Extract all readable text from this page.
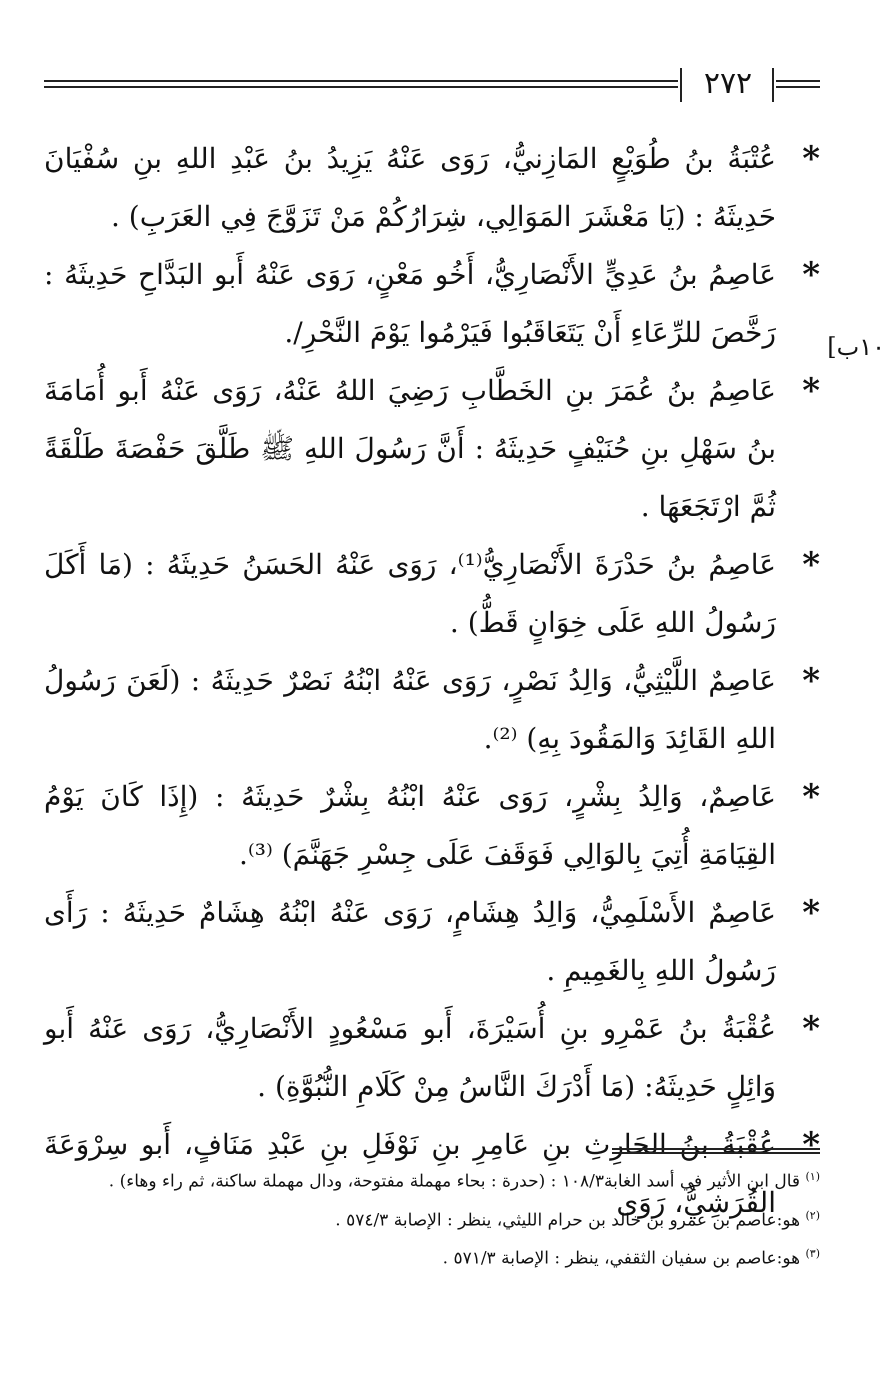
٢٧٢
١٠ب]

*
عُتْبَةُ بنُ طُوَيْعٍ المَازِنيُّ، رَوَى عَنْهُ يَزِيدُ بنُ عَبْدِ اللهِ بنِ سُفْيَانَ حَدِيثَهُ : (يَا مَعْشَرَ المَوَالِي، شِرَارُكُمْ مَنْ تَزَوَّجَ فِي العَرَبِ) .

*
عَاصِمُ بنُ عَدِيٍّ الأَنْصَارِيُّ، أَخُو مَعْنٍ، رَوَى عَنْهُ أَبو البَدَّاحِ حَدِيثَهُ : رَخَّصَ للرِّعَاءِ أَنْ يَتَعَاقَبُوا فَيَرْمُوا يَوْمَ النَّحْرِ/.

*
عَاصِمُ بنُ عُمَرَ بنِ الخَطَّابِ رَضِيَ اللهُ عَنْهُ، رَوَى عَنْهُ أَبو أُمَامَةَ بنُ سَهْلِ بنِ حُنَيْفٍ حَدِيثَهُ : أَنَّ رَسُولَ اللهِ ﷺ طَلَّقَ حَفْصَةَ طَلْقَةً ثُمَّ ارْتَجَعَهَا .

*
عَاصِمُ بنُ حَدْرَةَ الأَنْصَارِيُّ⁽¹⁾، رَوَى عَنْهُ الحَسَنُ حَدِيثَهُ : (مَا أَكَلَ رَسُولُ اللهِ عَلَى خِوَانٍ قَطُّ) .

*
عَاصِمٌ اللَّيْثِيُّ، وَالِدُ نَصْرٍ، رَوَى عَنْهُ ابْنُهُ نَصْرٌ حَدِيثَهُ : (لَعَنَ رَسُولُ اللهِ القَائِدَ وَالمَقُودَ بِهِ) ⁽²⁾.

*
عَاصِمٌ، وَالِدُ بِشْرٍ، رَوَى عَنْهُ ابْنُهُ بِشْرٌ حَدِيثَهُ : (إِذَا كَانَ يَوْمُ القِيَامَةِ أُتِيَ بِالوَالِي فَوَقَفَ عَلَى جِسْرِ جَهَنَّمَ) ⁽³⁾.

*
عَاصِمٌ الأَسْلَمِيُّ، وَالِدُ هِشَامٍ، رَوَى عَنْهُ ابْنُهُ هِشَامٌ حَدِيثَهُ : رَأَى رَسُولُ اللهِ بِالغَمِيمِ .

*
عُقْبَةُ بنُ عَمْرِو بنِ أُسَيْرَةَ، أَبو مَسْعُودٍ الأَنْصَارِيُّ، رَوَى عَنْهُ أَبو وَائِلٍ حَدِيثَهُ: (مَا أَدْرَكَ النَّاسُ مِنْ كَلَامِ النُّبُوَّةِ) .

*
عُقْبَةُ بنُ الحَارِثِ بنِ عَامِرِ بنِ نَوْفَلِ بنِ عَبْدِ مَنَافٍ، أَبو سِرْوَعَةَ القُرَشِيُّ، رَوَى

$^{(١)}$ قال ابن الأثير في أسد الغابة١٠٨/٣ : (حدرة : بحاء مهملة مفتوحة، ودال مهملة ساكنة، ثم راء وهاء) .

$^{(٢)}$ هو:عاصم بن عمرو بن خالد بن حرام الليثي، ينظر : الإصابة ٥٧٤/٣ .

$^{(٣)}$ هو:عاصم بن سفيان الثقفي، ينظر : الإصابة ٥٧١/٣ .
